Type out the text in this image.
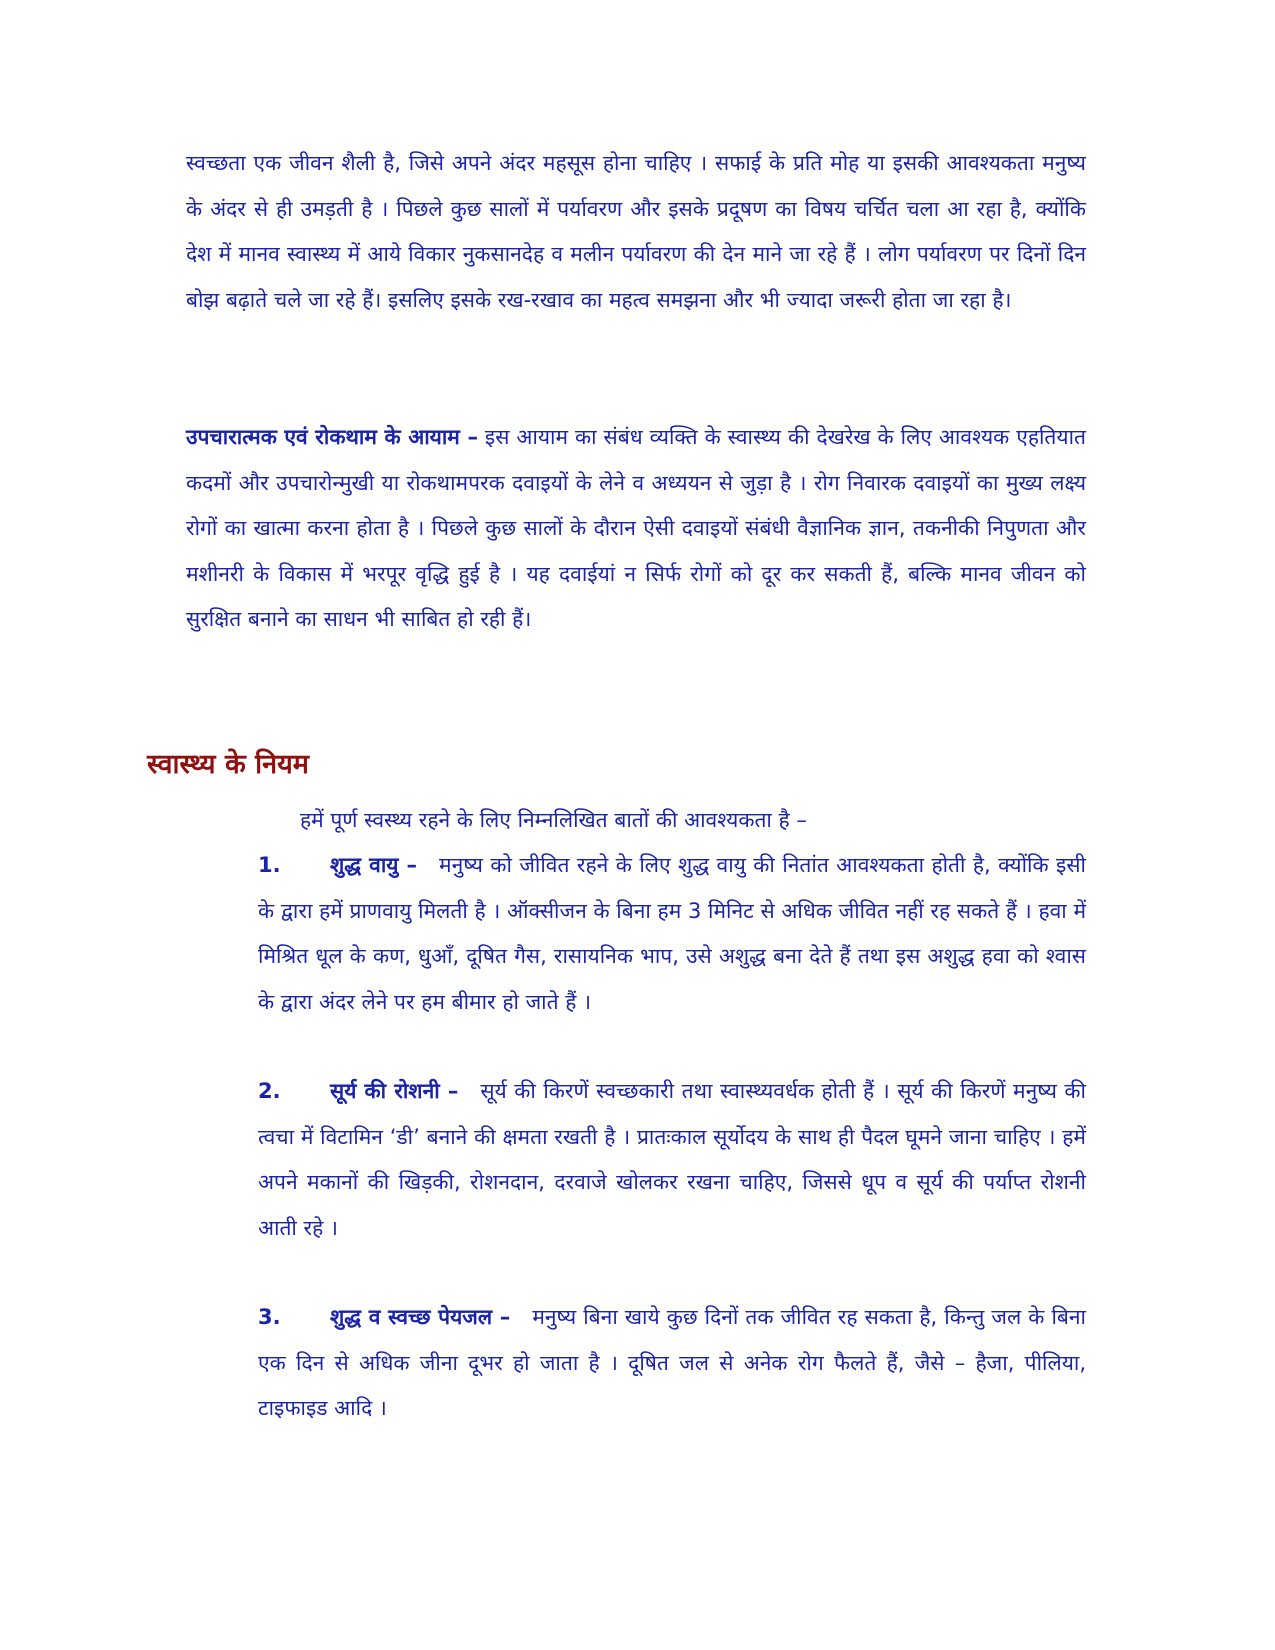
स्वच्छता एक जीवन शैली है, जिसे अपने अंदर महसूस होना चाहिए । सफाई के प्रति मोह या इसकी आवश्यकता मनुष्य के अंदर से ही उमड़ती है । पिछले कुछ सालों में पर्यावरण और इसके प्रदूषण का विषय चर्चित चला आ रहा है, क्योंकि देश में मानव स्वास्थ्य में आये विकार नुकसानदेह व मलीन पर्यावरण की देन माने जा रहे हैं । लोग पर्यावरण पर दिनों दिन बोझ बढ़ाते चले जा रहे हैं। इसलिए इसके रख-रखाव का महत्व समझना और भी ज्यादा जरूरी होता जा रहा है।

उपचारात्मक एवं रोकथाम के आयाम – इस आयाम का संबंध व्यक्ति के स्वास्थ्य की देखरेख के लिए आवश्यक एहतियात कदमों और उपचारोन्मुखी या रोकथामपरक दवाइयों के लेने व अध्ययन से जुड़ा है । रोग निवारक दवाइयों का मुख्य लक्ष्य रोगों का खात्मा करना होता है । पिछले कुछ सालों के दौरान ऐसी दवाइयों संबंधी वैज्ञानिक ज्ञान, तकनीकी निपुणता और मशीनरी के विकास में भरपूर वृद्धि हुई है । यह दवाईयां न सिर्फ रोगों को दूर कर सकती हैं, बल्कि मानव जीवन को सुरक्षित बनाने का साधन भी साबित हो रही हैं।

स्वास्थ्य के नियम

हमें पूर्ण स्वस्थ्य रहने के लिए निम्नलिखित बातों की आवश्यकता है –

1. शुद्ध वायु – मनुष्य को जीवित रहने के लिए शुद्ध वायु की नितांत आवश्यकता होती है, क्योंकि इसी के द्वारा हमें प्राणवायु मिलती है । ऑक्सीजन के बिना हम 3 मिनिट से अधिक जीवित नहीं रह सकते हैं । हवा में मिश्रित धूल के कण, धुआँ, दूषित गैस, रासायनिक भाप, उसे अशुद्ध बना देते हैं तथा इस अशुद्ध हवा को श्वास के द्वारा अंदर लेने पर हम बीमार हो जाते हैं ।

2. सूर्य की रोशनी – सूर्य की किरणें स्वच्छकारी तथा स्वास्थ्यवर्धक होती हैं । सूर्य की किरणें मनुष्य की त्वचा में विटामिन ‘डी’ बनाने की क्षमता रखती है । प्रातःकाल सूर्योदय के साथ ही पैदल घूमने जाना चाहिए । हमें अपने मकानों की खिड़की, रोशनदान, दरवाजे खोलकर रखना चाहिए, जिससे धूप व सूर्य की पर्याप्त रोशनी आती रहे ।

3. शुद्ध व स्वच्छ पेयजल – मनुष्य बिना खाये कुछ दिनों तक जीवित रह सकता है, किन्तु जल के बिना एक दिन से अधिक जीना दूभर हो जाता है । दूषित जल से अनेक रोग फैलते हैं, जैसे – हैजा, पीलिया, टाइफाइड आदि ।
